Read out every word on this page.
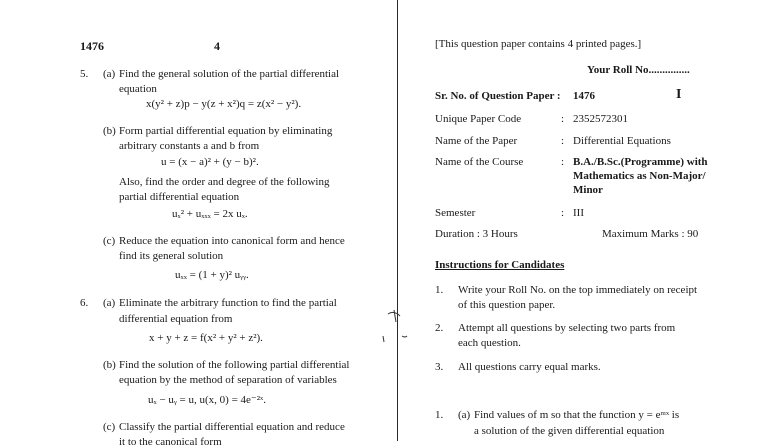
1476	4
5. (a) Find the general solution of the partial differential
equation
x(y² + z)p − y(z + x²)q = z(x² − y²).
(b) Form partial differential equation by eliminating
arbitrary constants a and b from
u = (x − a)² + (y − b)².
Also, find the order and degree of the following
partial differential equation
uₓ² + uₓₓₓ = 2x uₓ.
(c) Reduce the equation into canonical form and hence
find its general solution
uₓₓ = (1 + y)² uᵧᵧ.
6. (a) Eliminate the arbitrary function to find the partial
differential equation from
x + y + z = f(x² + y² + z²).
(b) Find the solution of the following partial differential
equation by the method of separation of variables
uₓ − uᵧ = u, u(x, 0) = 4e⁻²ˣ.
(c) Classify the partial differential equation and reduce
it to the canonical form
[This question paper contains 4 printed pages.]
Your Roll No...............
Sr. No. of Question Paper : 1476	I
Unique Paper Code	: 2352572301
Name of the Paper	: Differential Equations
Name of the Course	: B.A./B.Sc.(Programme) with
Mathematics as Non-Major/
Minor
Semester	: III
Duration : 3 Hours	Maximum Marks : 90
Instructions for Candidates
1. Write your Roll No. on the top immediately on receipt
of this question paper.
2. Attempt all questions by selecting two parts from
each question.
3. All questions carry equal marks.
1. (a) Find values of m so that the function y = eᵐˣ is
a solution of the given differential equation
